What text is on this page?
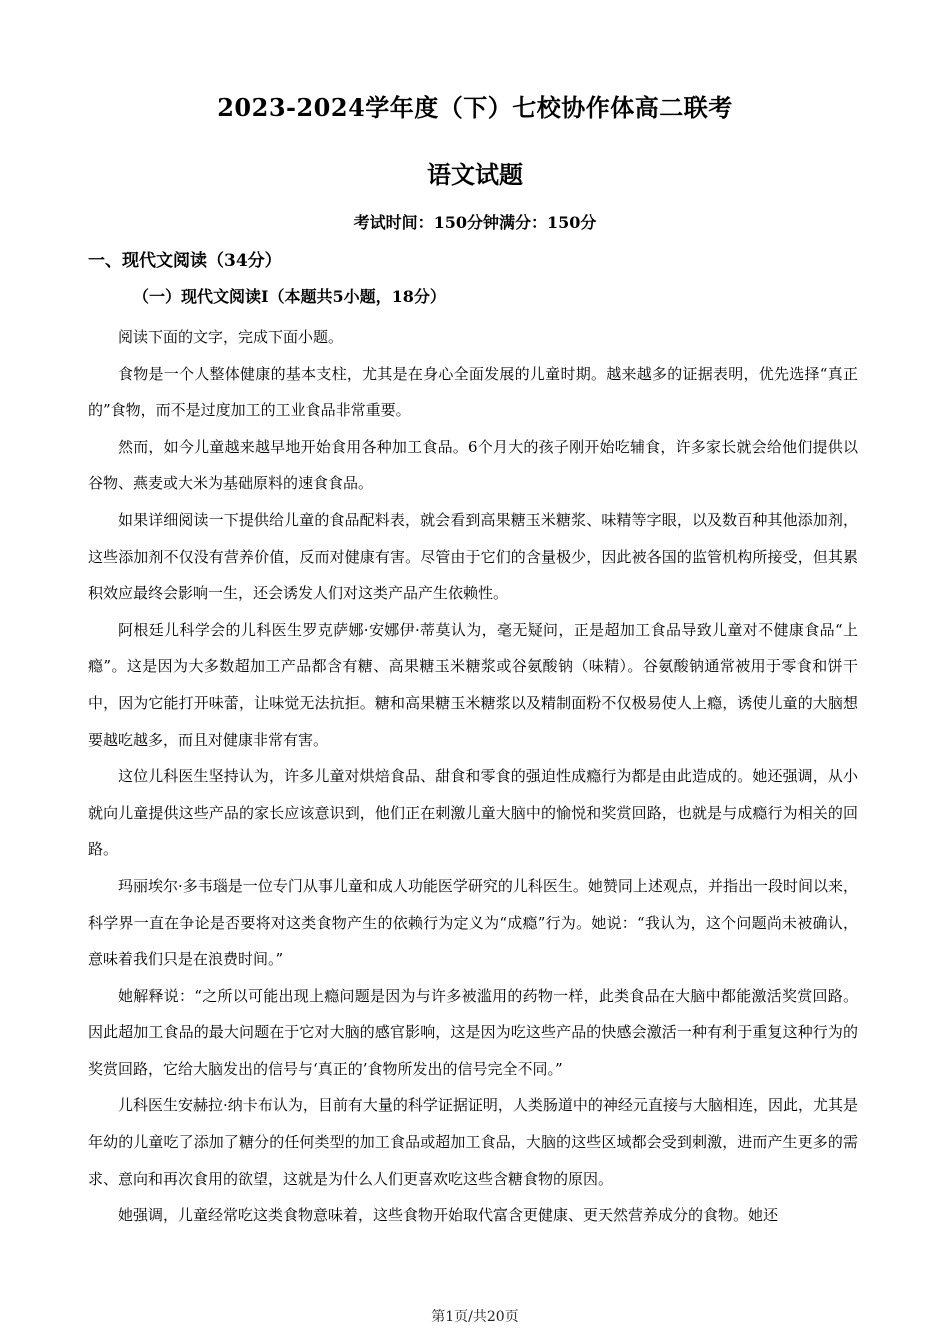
2023-2024学年度（下）七校协作体高二联考
语文试题
考试时间：150分钟满分：150分
一、现代文阅读（34分）
（一）现代文阅读Ⅰ（本题共5小题，18分）

阅读下面的文字，完成下面小题。

食物是一个人整体健康的基本支柱，尤其是在身心全面发展的儿童时期。越来越多的证据表明，优先选择“真正的”食物，而不是过度加工的工业食品非常重要。

然而，如今儿童越来越早地开始食用各种加工食品。6个月大的孩子刚开始吃辅食，许多家长就会给他们提供以谷物、燕麦或大米为基础原料的速食食品。

如果详细阅读一下提供给儿童的食品配料表，就会看到高果糖玉米糖浆、味精等字眼，以及数百种其他添加剂，这些添加剂不仅没有营养价值，反而对健康有害。尽管由于它们的含量极少，因此被各国的监管机构所接受，但其累积效应最终会影响一生，还会诱发人们对这类产品产生依赖性。

阿根廷儿科学会的儿科医生罗克萨娜·安娜伊·蒂莫认为，毫无疑问，正是超加工食品导致儿童对不健康食品“上瘾”。这是因为大多数超加工产品都含有糖、高果糖玉米糖浆或谷氨酸钠（味精）。谷氨酸钠通常被用于零食和饼干中，因为它能打开味蕾，让味觉无法抗拒。糖和高果糖玉米糖浆以及精制面粉不仅极易使人上瘾，诱使儿童的大脑想要越吃越多，而且对健康非常有害。

这位儿科医生坚持认为，许多儿童对烘焙食品、甜食和零食的强迫性成瘾行为都是由此造成的。她还强调，从小就向儿童提供这些产品的家长应该意识到，他们正在刺激儿童大脑中的愉悦和奖赏回路，也就是与成瘾行为相关的回路。

玛丽埃尔·多韦瑙是一位专门从事儿童和成人功能医学研究的儿科医生。她赞同上述观点，并指出一段时间以来，科学界一直在争论是否要将对这类食物产生的依赖行为定义为“成瘾”行为。她说：“我认为，这个问题尚未被确认，意味着我们只是在浪费时间。”

她解释说：“之所以可能出现上瘾问题是因为与许多被滥用的药物一样，此类食品在大脑中都能激活奖赏回路。因此超加工食品的最大问题在于它对大脑的感官影响，这是因为吃这些产品的快感会激活一种有利于重复这种行为的奖赏回路，它给大脑发出的信号与‘真正的’食物所发出的信号完全不同。”

儿科医生安赫拉·纳卡布认为，目前有大量的科学证据证明，人类肠道中的神经元直接与大脑相连，因此，尤其是年幼的儿童吃了添加了糖分的任何类型的加工食品或超加工食品，大脑的这些区域都会受到刺激，进而产生更多的需求、意向和再次食用的欲望，这就是为什么人们更喜欢吃这些含糖食物的原因。

她强调，儿童经常吃这类食物意味着，这些食物开始取代富含更健康、更天然营养成分的食物。她还

第1页/共20页
